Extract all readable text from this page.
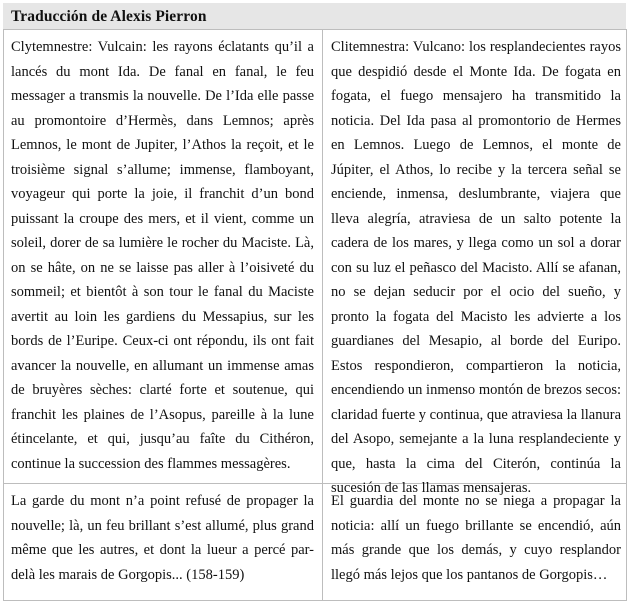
Traducción de Alexis Pierron
Clytemnestre: Vulcain: les rayons éclatants qu’il a lancés du mont Ida. De fanal en fanal, le feu messager a transmis la nouvelle. De l’Ida elle passe au promontoire d’Hermès, dans Lemnos; après Lemnos, le mont de Jupiter, l’Athos la reçoit, et le troisième signal s’allume; immense, flamboyant, voyageur qui porte la joie, il franchit d’un bond puissant la croupe des mers, et il vient, comme un soleil, dorer de sa lumière le rocher du Maciste. Là, on se hâte, on ne se laisse pas aller à l’oisiveté du sommeil; et bientôt à son tour le fanal du Maciste avertit au loin les gardiens du Messapius, sur les bords de l’Euripe. Ceux-ci ont répondu, ils ont fait avancer la nouvelle, en allumant un immense amas de bruyères sèches: clarté forte et soutenue, qui franchit les plaines de l’Asopus, pareille à la lune étincelante, et qui, jusqu’au faîte du Cithéron, continue la succession des flammes messagères.
Clitemnestra: Vulcano: los resplandecientes rayos que despidió desde el Monte Ida. De fogata en fogata, el fuego mensajero ha transmitido la noticia. Del Ida pasa al promontorio de Hermes en Lemnos. Luego de Lemnos, el monte de Júpiter, el Athos, lo recibe y la tercera señal se enciende, inmensa, deslumbrante, viajera que lleva alegría, atraviesa de un salto potente la cadera de los mares, y llega como un sol a dorar con su luz el peñasco del Macisto. Allí se afanan, no se dejan seducir por el ocio del sueño, y pronto la fogata del Macisto les advierte a los guardianes del Mesapio, al borde del Euripo. Estos respondieron, compartieron la noticia, encendiendo un inmenso montón de brezos secos: claridad fuerte y continua, que atraviesa la llanura del Asopo, semejante a la luna resplandeciente y que, hasta la cima del Citerón, continúa la sucesión de las llamas mensajeras.
La garde du mont n’a point refusé de propager la nouvelle; là, un feu brillant s’est allumé, plus grand même que les autres, et dont la lueur a percé par-delà les marais de Gorgopis... (158-159)
El guardia del monte no se niega a propagar la noticia: allí un fuego brillante se encendió, aún más grande que los demás, y cuyo resplandor llegó más lejos que los pantanos de Gorgopis…
